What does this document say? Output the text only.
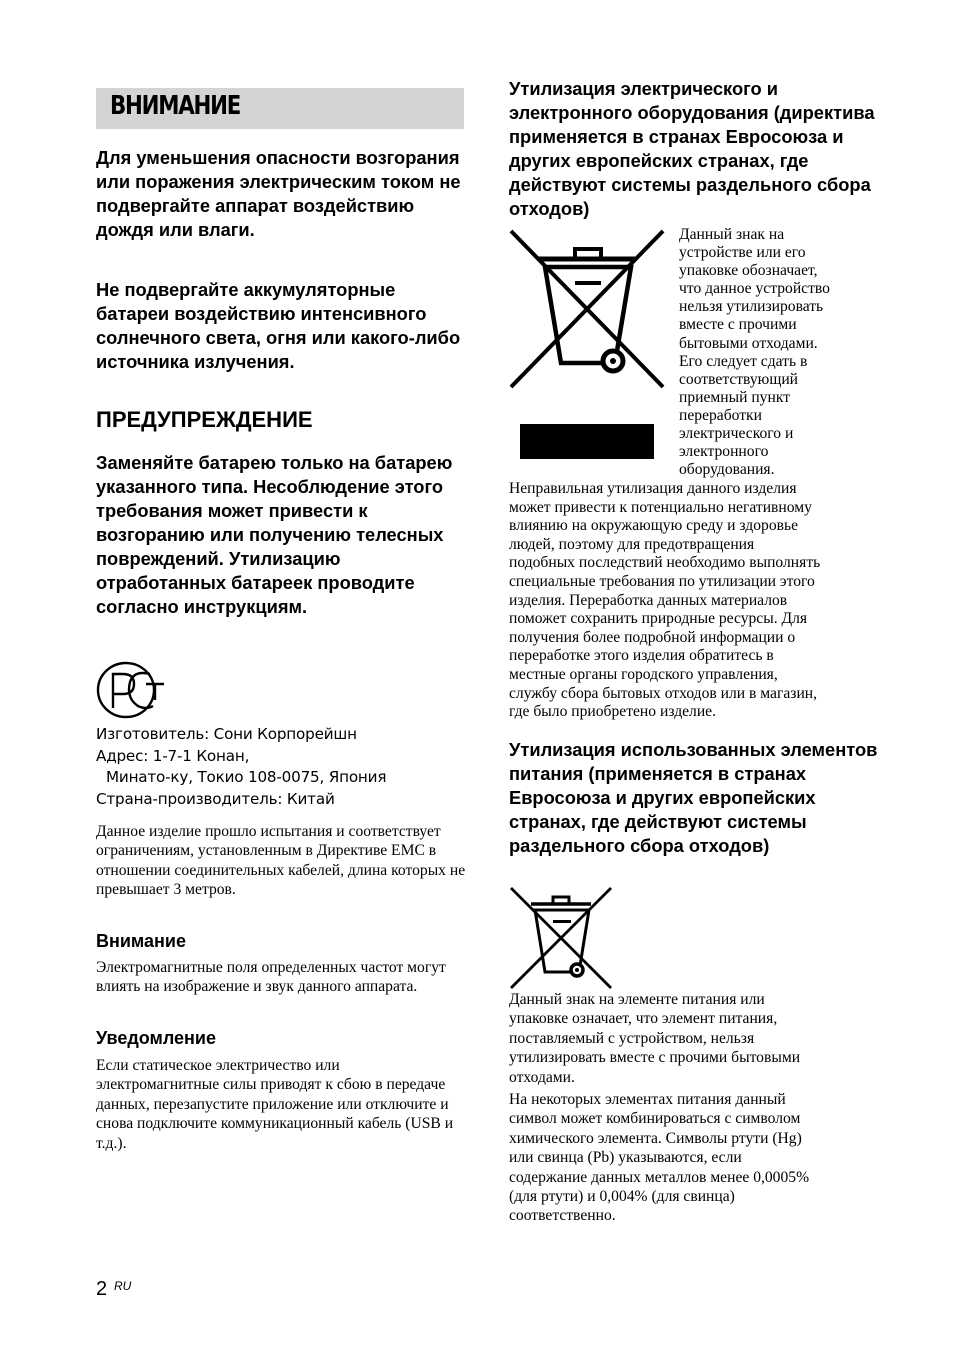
ВНИМАНИЕ

Для уменьшения опасности возгорания или поражения электрическим током не подвергайте аппарат воздействию дождя или влаги.

Не подвергайте аккумуляторные батареи воздействию интенсивного солнечного света, огня или какого-либо источника излучения.

ПРЕДУПРЕЖДЕНИЕ

Заменяйте батарею только на батарею указанного типа. Несоблюдение этого требования может привести к возгоранию или получению телесных повреждений. Утилизацию отработанных батареек проводите согласно инструкциям.

Изготовитель: Сони Корпорейшн
Адрес: 1-7-1 Конан,
Минато-ку, Токио 108-0075, Япония
Страна-производитель: Китай

Данное изделие прошло испытания и соответствует ограничениям, установленным в Директиве EMC в отношении соединительных кабелей, длина которых не превышает 3 метров.

Внимание

Электромагнитные поля определенных частот могут влиять на изображение и звук данного аппарата.

Уведомление

Если статическое электричество или электромагнитные силы приводят к сбою в передаче данных, перезапустите приложение или отключите и снова подключите коммуникационный кабель (USB и т.д.).

Утилизация электрического и электронного оборудования (директива применяется в странах Евросоюза и других европейских странах, где действуют системы раздельного сбора отходов)

Данный знак на
устройстве или его
упаковке обозначает,
что данное устройство
нельзя утилизировать
вместе с прочими
бытовыми отходами.
Его следует сдать в
соответствующий
приемный пункт
переработки
электрического и
электронного
оборудования.
Неправильная утилизация данного изделия
может привести к потенциально негативному
влиянию на окружающую среду и здоровье
людей, поэтому для предотвращения
подобных последствий необходимо выполнять
специальные требования по утилизации этого
изделия. Переработка данных материалов
поможет сохранить природные ресурсы. Для
получения более подробной информации о
переработке этого изделия обратитесь в
местные органы городского управления,
службу сбора бытовых отходов или в магазин,
где было приобретено изделие.

Утилизация использованных элементов питания (применяется в странах Евросоюза и других европейских странах, где действуют системы раздельного сбора отходов)

Данный знак на элементе питания или
упаковке означает, что элемент питания,
поставляемый с устройством, нельзя
утилизировать вместе с прочими бытовыми
отходами.
На некоторых элементах питания данный
символ может комбинироваться с символом
химического элемента. Символы ртути (Hg)
или свинца (Pb) указываются, если
содержание данных металлов менее 0,0005%
(для ртути) и 0,004% (для свинца)
соответственно.
2 RU
